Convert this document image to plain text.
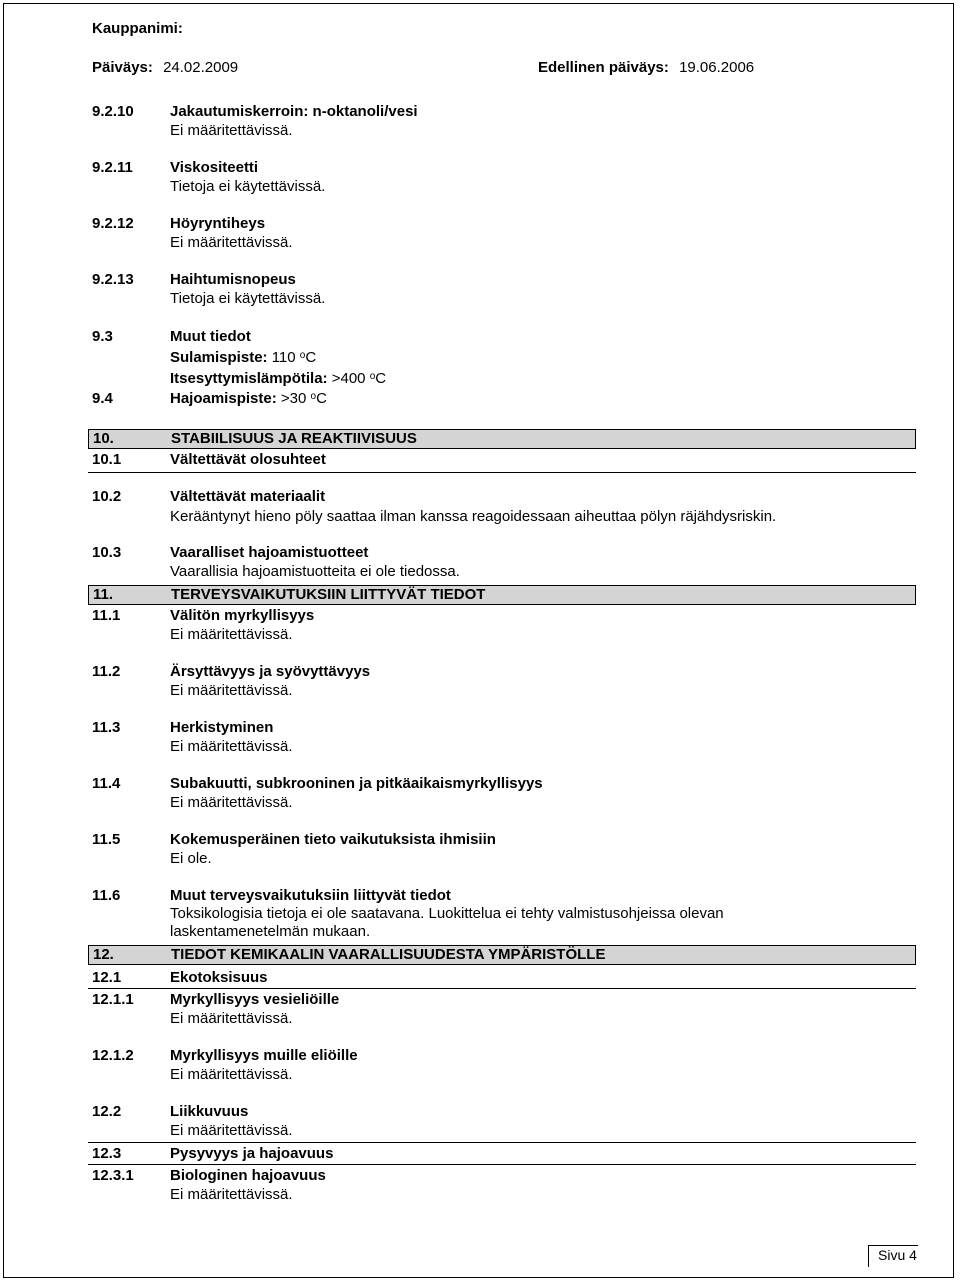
Kauppanimi:
Päiväys: 24.02.2009	Edellinen päiväys: 19.06.2006
9.2.10 Jakautumiskerroin: n-oktanoli/vesi
Ei määritettävissä.
9.2.11 Viskositeetti
Tietoja ei käytettävissä.
9.2.12 Höyryntiheys
Ei määritettävissä.
9.2.13 Haihtumisnopeus
Tietoja ei käytettävissä.
9.3	Muut tiedot
Sulamispiste: 110 $^o$C
Itsesyttymislämpötila: >400 $^o$C
9.4	Hajoamispiste: >30 $^o$C
10.	STABIILISUUS JA REAKTIIVISUUS
10.1	Vältettävät olosuhteet
10.2	Vältettävät materiaalit
Kerääntynyt hieno pöly saattaa ilman kanssa reagoidessaan aiheuttaa pölyn räjähdysriskin.
10.3	Vaaralliset hajoamistuotteet
Vaarallisia hajoamistuotteita ei ole tiedossa.
11.	TERVEYSVAIKUTUKSIIN LIITTYVÄT TIEDOT
11.1	Välitön myrkyllisyys
Ei määritettävissä.
11.2	Ärsyttävyys ja syövyttävyys
Ei määritettävissä.
11.3	Herkistyminen
Ei määritettävissä.
11.4	Subakuutti, subkrooninen ja pitkäaikaismyrkyllisyys
Ei määritettävissä.
11.5	Kokemusperäinen tieto vaikutuksista ihmisiin
Ei ole.
11.6	Muut terveysvaikutuksiin liittyvät tiedot
Toksikologisia tietoja ei ole saatavana. Luokittelua ei tehty valmistusohjeissa olevan
laskentamenetelmän mukaan.
12.	TIEDOT KEMIKAALIN VAARALLISUUDESTA YMPÄRISTÖLLE
12.1	Ekotoksisuus
12.1.1 Myrkyllisyys vesieliöille
Ei määritettävissä.
12.1.2 Myrkyllisyys muille eliöille
Ei määritettävissä.
12.2	Liikkuvuus
Ei määritettävissä.
12.3	Pysyvyys ja hajoavuus
12.3.1 Biologinen hajoavuus
Ei määritettävissä.
Sivu 4
